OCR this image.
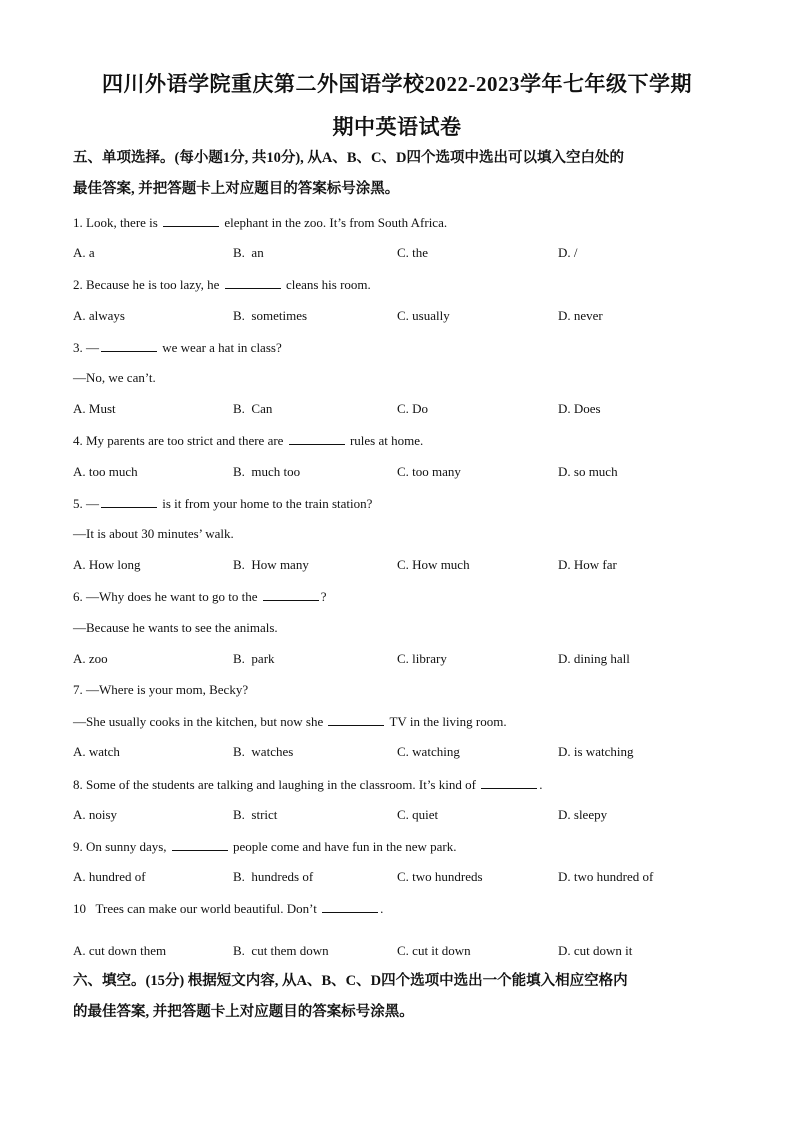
四川外语学院重庆第二外国语学校2022-2023学年七年级下学期
期中英语试卷
五、单项选择。(每小题1分, 共10分), 从A、B、C、D四个选项中选出可以填入空白处的
最佳答案, 并把答题卡上对应题目的答案标号涂黑。
1. Look, there is	elephant in the zoo. It’s from South Africa.
A. a	B.  an	C. the	D. /
2. Because he is too lazy, he	cleans his room.
A. always	B.  sometimes	C. usually	D. never
3. —	we wear a hat in class?
—No, we can’t.
A. Must	B.  Can	C. Do	D. Does
4. My parents are too strict and there are	rules at home.
A. too much	B.  much too	C. too many	D. so much
5. —	is it from your home to the train station?
—It is about 30 minutes’ walk.
A. How long	B.  How many	C. How much	D. How far
6. —Why does he want to go to the	?
—Because he wants to see the animals.
A. zoo	B.  park	C. library	D. dining hall
7. —Where is your mom, Becky?
—She usually cooks in the kitchen, but now she	TV in the living room.
A. watch	B.  watches	C. watching	D. is watching
8. Some of the students are talking and laughing in the classroom. It’s kind of	.
A. noisy	B.  strict	C. quiet	D. sleepy
9. On sunny days,	people come and have fun in the new park.
A. hundred of	B.  hundreds of	C. two hundreds	D. two hundred of
10   Trees can make our world beautiful. Don’t	.
A. cut down them	B.  cut them down	C. cut it down	D. cut down it
六、填空。(15分) 根据短文内容, 从A、B、C、D四个选项中选出一个能填入相应空格内
的最佳答案, 并把答题卡上对应题目的答案标号涂黑。
